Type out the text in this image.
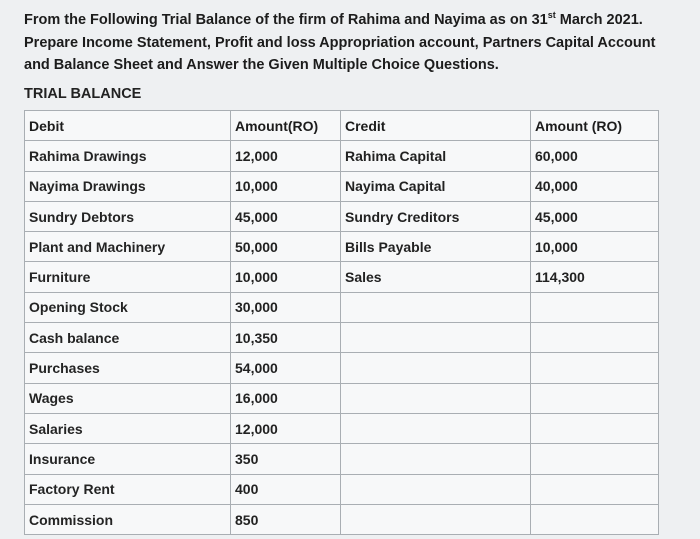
From the Following Trial Balance of the firm of Rahima and Nayima as on 31st March 2021.
Prepare Income Statement, Profit and loss Appropriation account, Partners Capital Account
and Balance Sheet and Answer the Given Multiple Choice Questions.
TRIAL BALANCE
Debit	Amount(RO)	Credit	Amount (RO)
Rahima Drawings	12,000	Rahima Capital	60,000
Nayima Drawings	10,000	Nayima Capital	40,000
Sundry Debtors	45,000	Sundry Creditors	45,000
Plant and Machinery	50,000	Bills Payable	10,000
Furniture	10,000	Sales	114,300
Opening Stock	30,000		
Cash balance	10,350		
Purchases	54,000		
Wages	16,000		
Salaries	12,000		
Insurance	350		
Factory Rent	400		
Commission	850		
